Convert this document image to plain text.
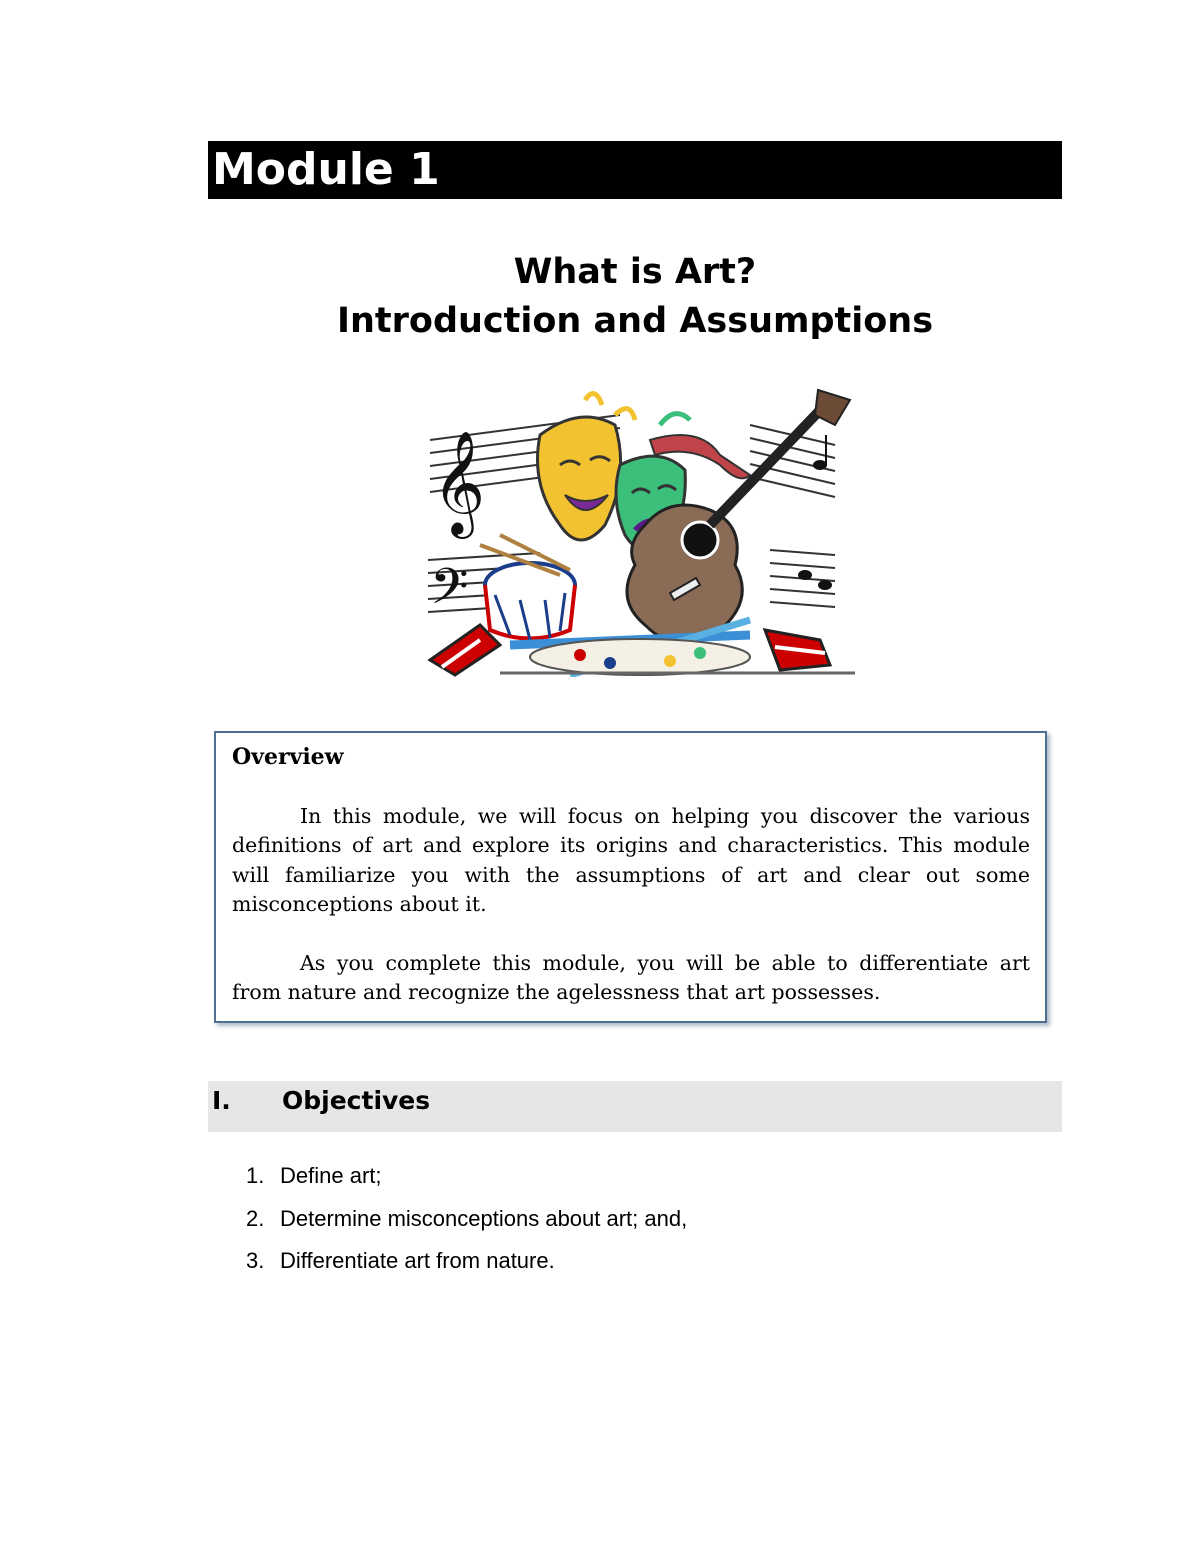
Module 1
What is Art?
Introduction and Assumptions
𝄞
𝄢
Overview

In this module, we will focus on helping you discover the various definitions of art and explore its origins and characteristics. This module will familiarize you with the assumptions of art and clear out some misconceptions about it.

As you complete this module, you will be able to differentiate art from nature and recognize the agelessness that art possesses.

I. Objectives
1. Define art;
2. Determine misconceptions about art; and,
3. Differentiate art from nature.
